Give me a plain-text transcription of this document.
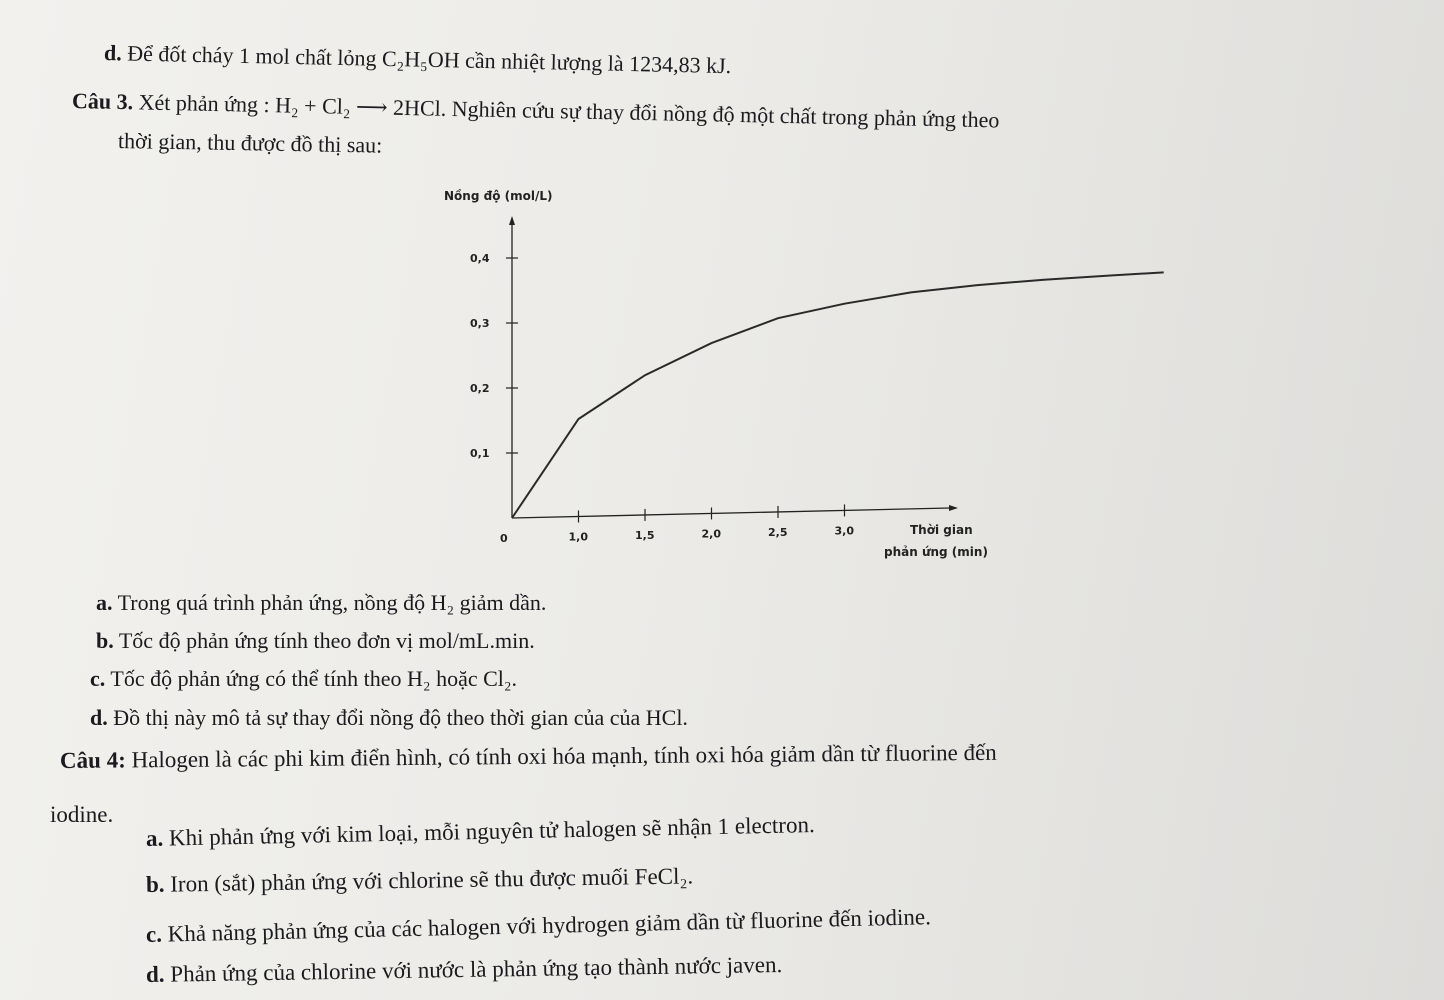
d. Để đốt cháy 1 mol chất lỏng C₂H₅OH cần nhiệt lượng là 1234,83 kJ.
Câu 3. Xét phản ứng : H₂ + Cl₂ ⟶ 2HCl. Nghiên cứu sự thay đổi nồng độ một chất trong phản ứng theo
thời gian, thu được đồ thị sau:
Nồng độ (mol/L)
0,1
0,2
0,3
0,4
0	1,0	1,5	2,0	2,5	3,0	Thời gian
phản ứng (min)
a. Trong quá trình phản ứng, nồng độ H₂ giảm dần.
b. Tốc độ phản ứng tính theo đơn vị mol/mL.min.
c. Tốc độ phản ứng có thể tính theo H₂ hoặc Cl₂.
d. Đồ thị này mô tả sự thay đổi nồng độ theo thời gian của của HCl.
Câu 4: Halogen là các phi kim điển hình, có tính oxi hóa mạnh, tính oxi hóa giảm dần từ fluorine đến
iodine.
a. Khi phản ứng với kim loại, mỗi nguyên tử halogen sẽ nhận 1 electron.
b. Iron (sắt) phản ứng với chlorine sẽ thu được muối FeCl₂.
c. Khả năng phản ứng của các halogen với hydrogen giảm dần từ fluorine đến iodine.
d. Phản ứng của chlorine với nước là phản ứng tạo thành nước javen.
